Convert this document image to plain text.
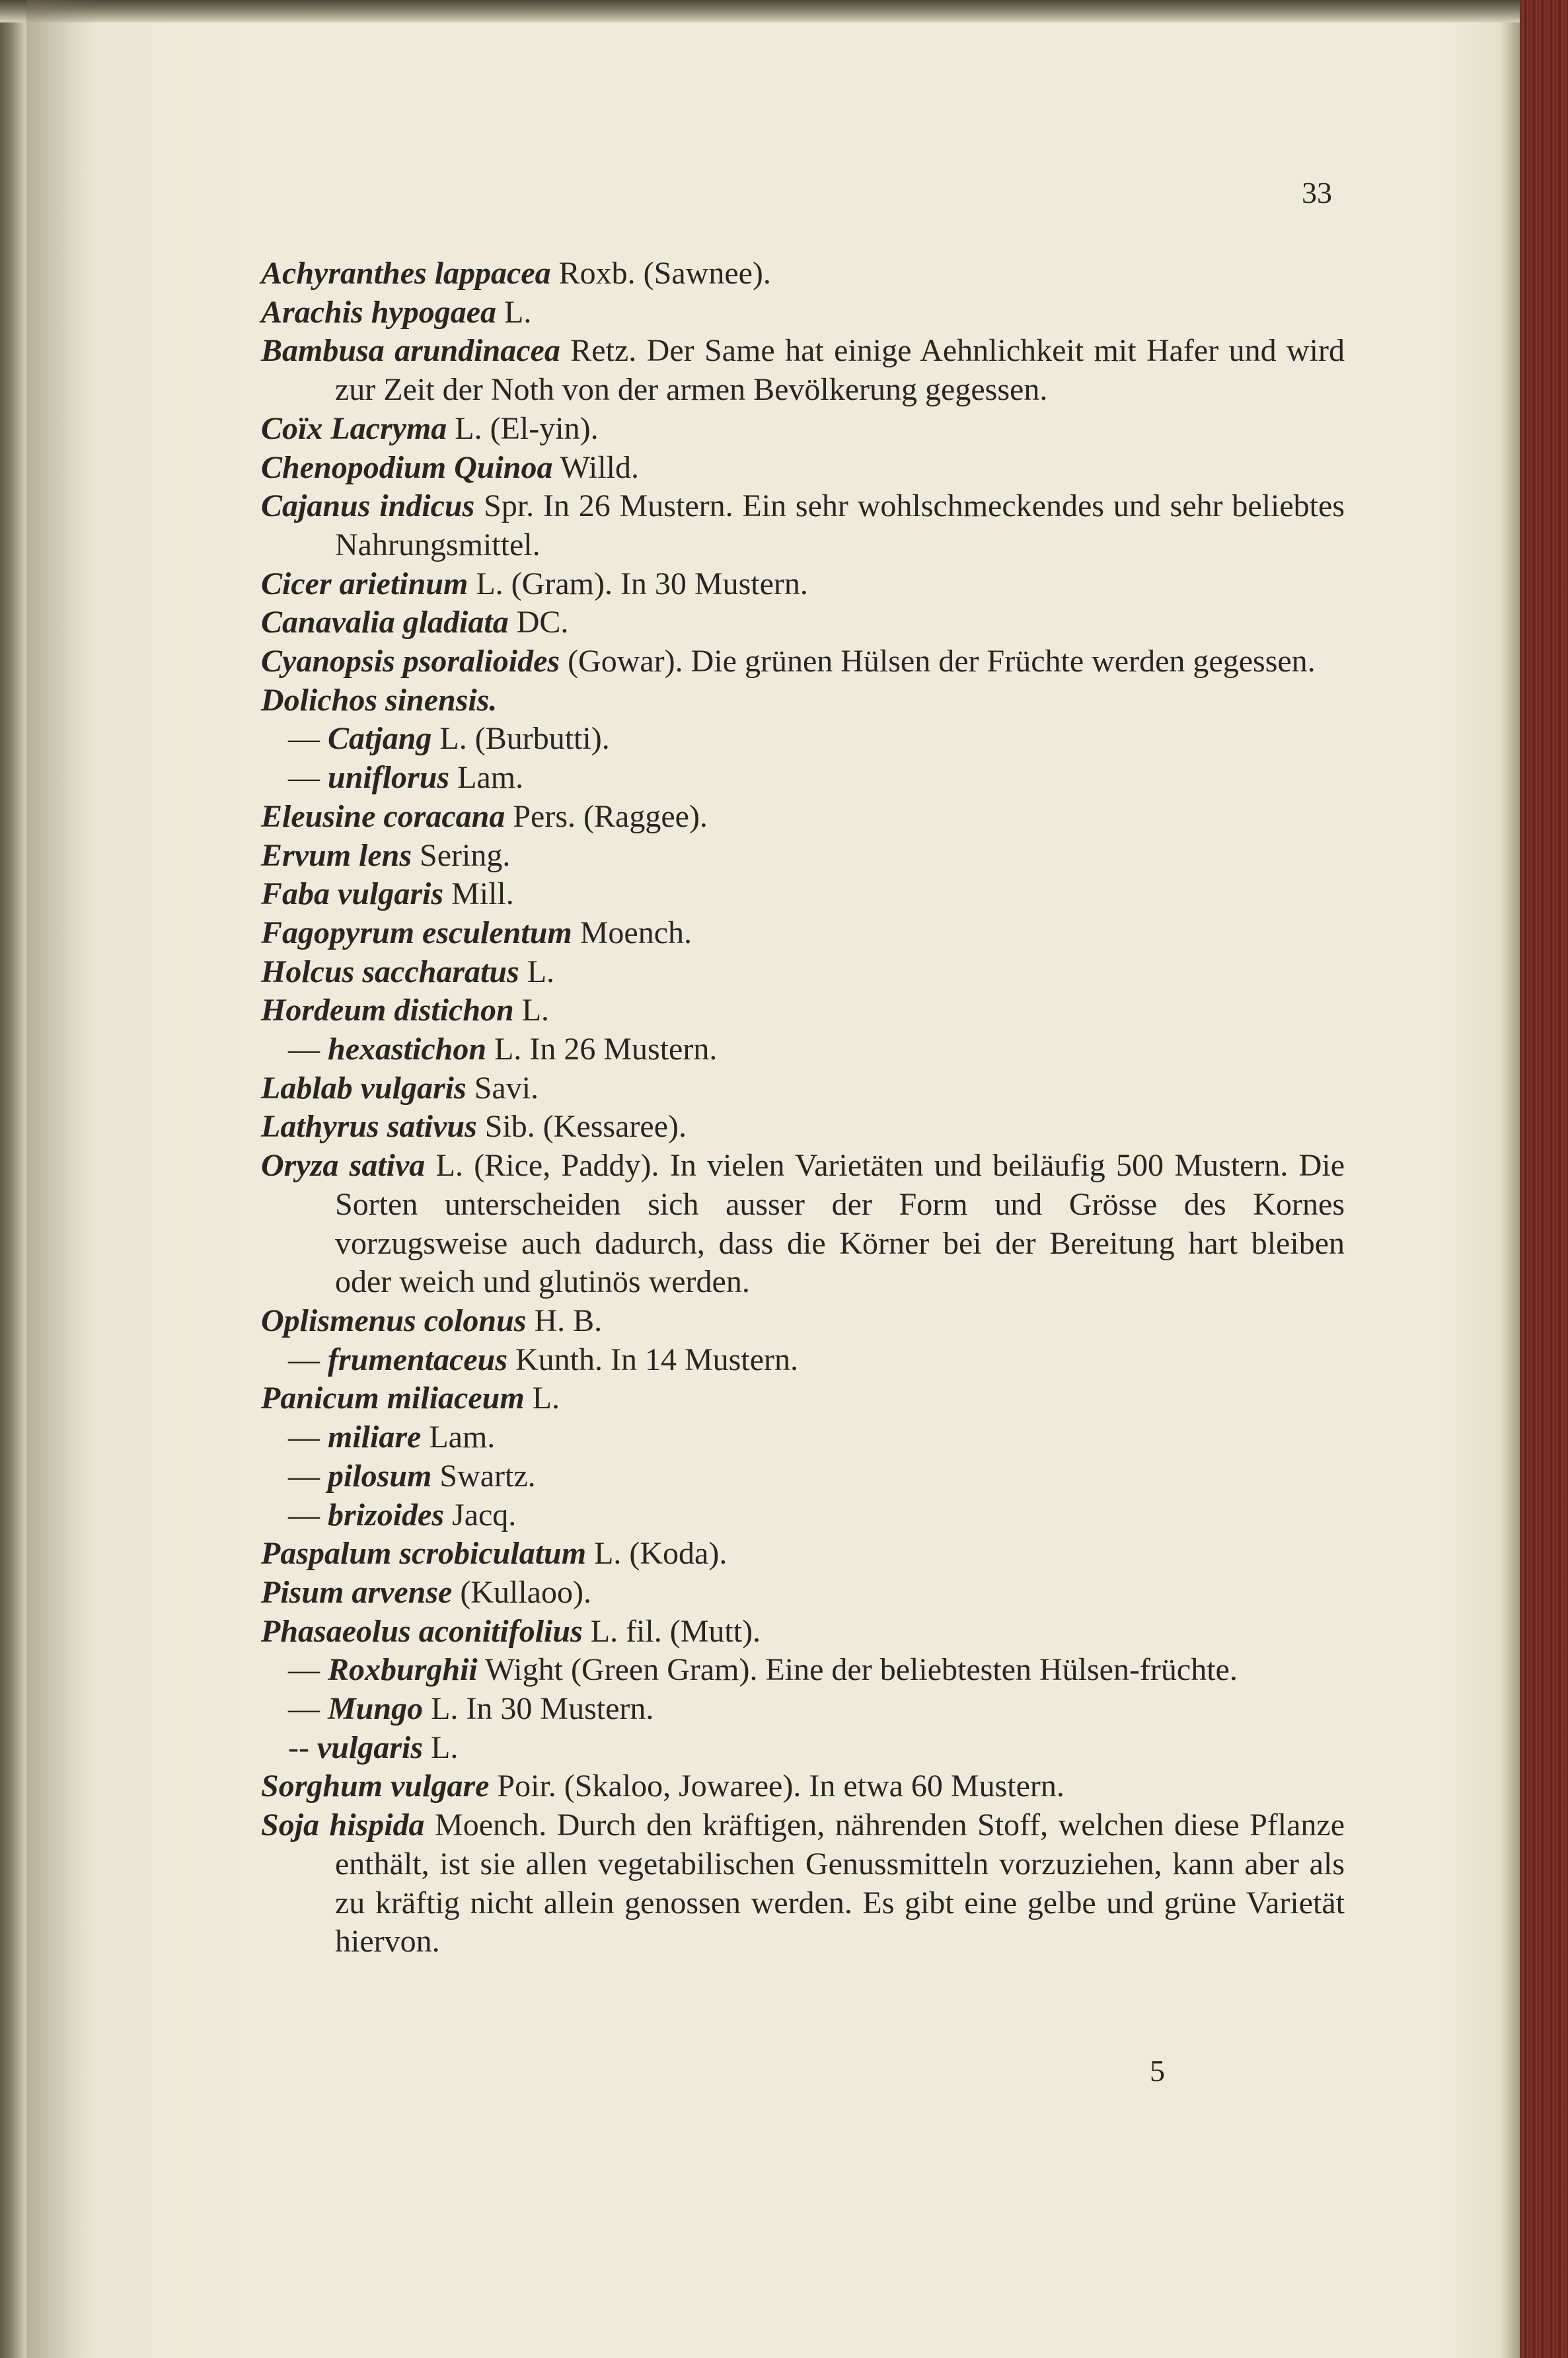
33

Achyranthes lappacea Roxb. (Sawnee).

Arachis hypogaea L.

Bambusa arundinacea Retz. Der Same hat einige Aehnlichkeit mit Hafer und wird zur Zeit der Noth von der armen Bevölkerung gegessen.

Coïx Lacryma L. (El-yin).

Chenopodium Quinoa Willd.

Cajanus indicus Spr. In 26 Mustern. Ein sehr wohlschmeckendes und sehr beliebtes Nahrungsmittel.

Cicer arietinum L. (Gram). In 30 Mustern.

Canavalia gladiata DC.

Cyanopsis psoralioides (Gowar). Die grünen Hülsen der Früchte werden gegessen.

Dolichos sinensis.

— Catjang L. (Burbutti).

— uniflorus Lam.

Eleusine coracana Pers. (Raggee).

Ervum lens Sering.

Faba vulgaris Mill.

Fagopyrum esculentum Moench.

Holcus saccharatus L.

Hordeum distichon L.

— hexastichon L. In 26 Mustern.

Lablab vulgaris Savi.

Lathyrus sativus Sib. (Kessaree).

Oryza sativa L. (Rice, Paddy). In vielen Varietäten und beiläufig 500 Mustern. Die Sorten unterscheiden sich ausser der Form und Grösse des Kornes vorzugsweise auch dadurch, dass die Körner bei der Bereitung hart bleiben oder weich und glutinös werden.

Oplismenus colonus H. B.

— frumentaceus Kunth. In 14 Mustern.

Panicum miliaceum L.

— miliare Lam.

— pilosum Swartz.

— brizoides Jacq.

Paspalum scrobiculatum L. (Koda).

Pisum arvense (Kullaoo).

Phasaeolus aconitifolius L. fil. (Mutt).

— Roxburghii Wight (Green Gram). Eine der beliebtesten Hülsen-früchte.

— Mungo L. In 30 Mustern.

-- vulgaris L.

Sorghum vulgare Poir. (Skaloo, Jowaree). In etwa 60 Mustern.

Soja hispida Moench. Durch den kräftigen, nährenden Stoff, welchen diese Pflanze enthält, ist sie allen vegetabilischen Genussmitteln vorzuziehen, kann aber als zu kräftig nicht allein genossen werden. Es gibt eine gelbe und grüne Varietät hiervon.

5
